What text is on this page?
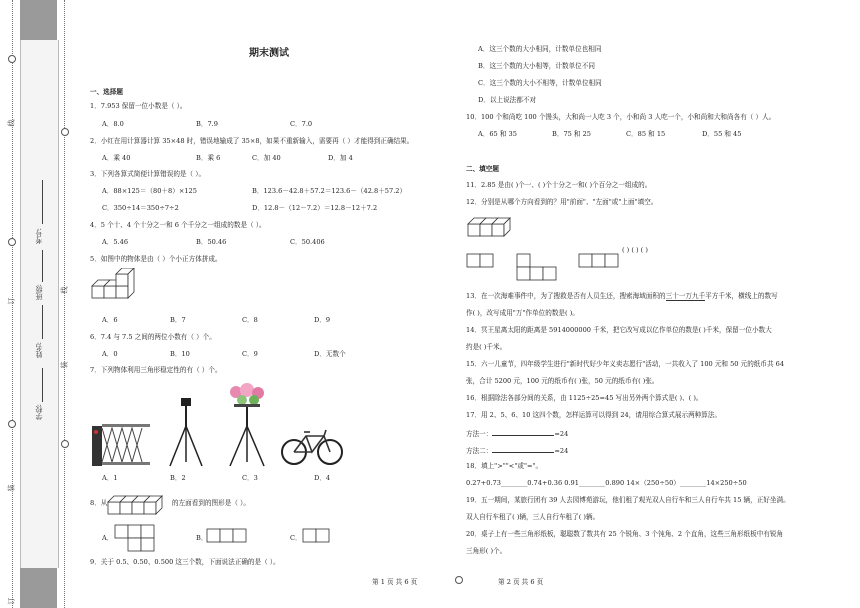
线
订
装
订
线
装
学校:
姓名:
班级:
考号:
期末测试
一、选择题
1．7.953 保留一位小数是（ ）。
A．8.0	B．7.9	C．7.0
2．小红在用计算器计算 35×48 时，错误地输成了 35×8，如果不重新输入，需要再（ ）才能得到正确结果。
A．乘 40	B．乘 6	C．加 40	D．加 4
3．下列各算式简便计算错误的是（ ）。
A．88×125＝（80＋8）×125	B．123.6－42.8＋57.2＝123.6－（42.8＋57.2）
C．350÷14＝350÷7÷2	D．12.8－（12－7.2）＝12.8－12＋7.2
4．5 个十、4 个十分之一和 6 个千分之一组成的数是（ ）。
A．5.46	B．50.46	C．50.406
5．如图中的物体是由（ ）个小正方体拼成。
A．6	B．7	C．8	D．9
6．7.4 与 7.5 之间的两位小数有（ ）个。
A．0	B．10	C．9	D．无数个
7．下列物体利用三角形稳定性的有（ ）个。
A．1	B．2	C．3	D．4
8．从	的左面看到的图形是（ ）。
A．	B．	C．
9．关于 0.5、0.50、0.500 这三个数，下面说法正确的是（ ）。
第 1 页 共 6 页	第 2 页 共 6 页
A．这三个数的大小相同，计数单位也相同
B．这三个数的大小相等，计数单位不同
C．这三个数的大小不相等，计数单位相同
D．以上说法都不对
10．100 个和尚吃 100 个馒头，大和尚一人吃 3 个，小和尚 3 人吃一个，小和尚和大和尚各有（ ）人。
A．65 和 35	B．75 和 25	C．85 和 15	D．55 和 45
二、填空题
11．2.85 是由( )个一、( )个十分之一和( )个百分之一组成的。
12．分别是从哪个方向看到的？用"前面"、"左面"或"上面"填空。
( ) ( ) ( )
13．在一次海难事件中，为了搜救是否有人员生还，搜索海域面积的三十一万九千平方千米，横线上的数写
作( )，改写成用"万"作单位的数是( )。
14．冥王星离太阳的距离是 5914000000 千米，把它改写成以亿作单位的数是( )千米，保留一位小数大
约是( )千米。
15．六一儿童节，四年级学生进行"新时代好少年义卖志愿行"活动，一共收入了 100 元和 50 元的纸币共 64
张，合计 5200 元，100 元的纸币有( )张，50 元的纸币有( )张。
16．根据除法各部分间的关系，由 1125÷25=45 写出另外两个算式是( )、( )。
17．用 2、5、6、10 这四个数，怎样运算可以得到 24，请用综合算式展示两种算法。
方法一：	=24
方法二：	=24
18．填上">""<"或"="。
0.27+0.73________0.74+0.36 0.91________0.890 14×（250÷50）________14×250÷50
19．五一期间，某旅行团有 39 人去园博苑游玩，他们租了观光双人自行车和三人自行车共 15 辆，正好坐满。
双人自行车租了( )辆，三人自行车租了( )辆。
20．桌子上有一些三角形纸板，聪聪数了数共有 25 个锐角、3 个钝角、2 个直角，这些三角形纸板中有锐角
三角形( )个。
